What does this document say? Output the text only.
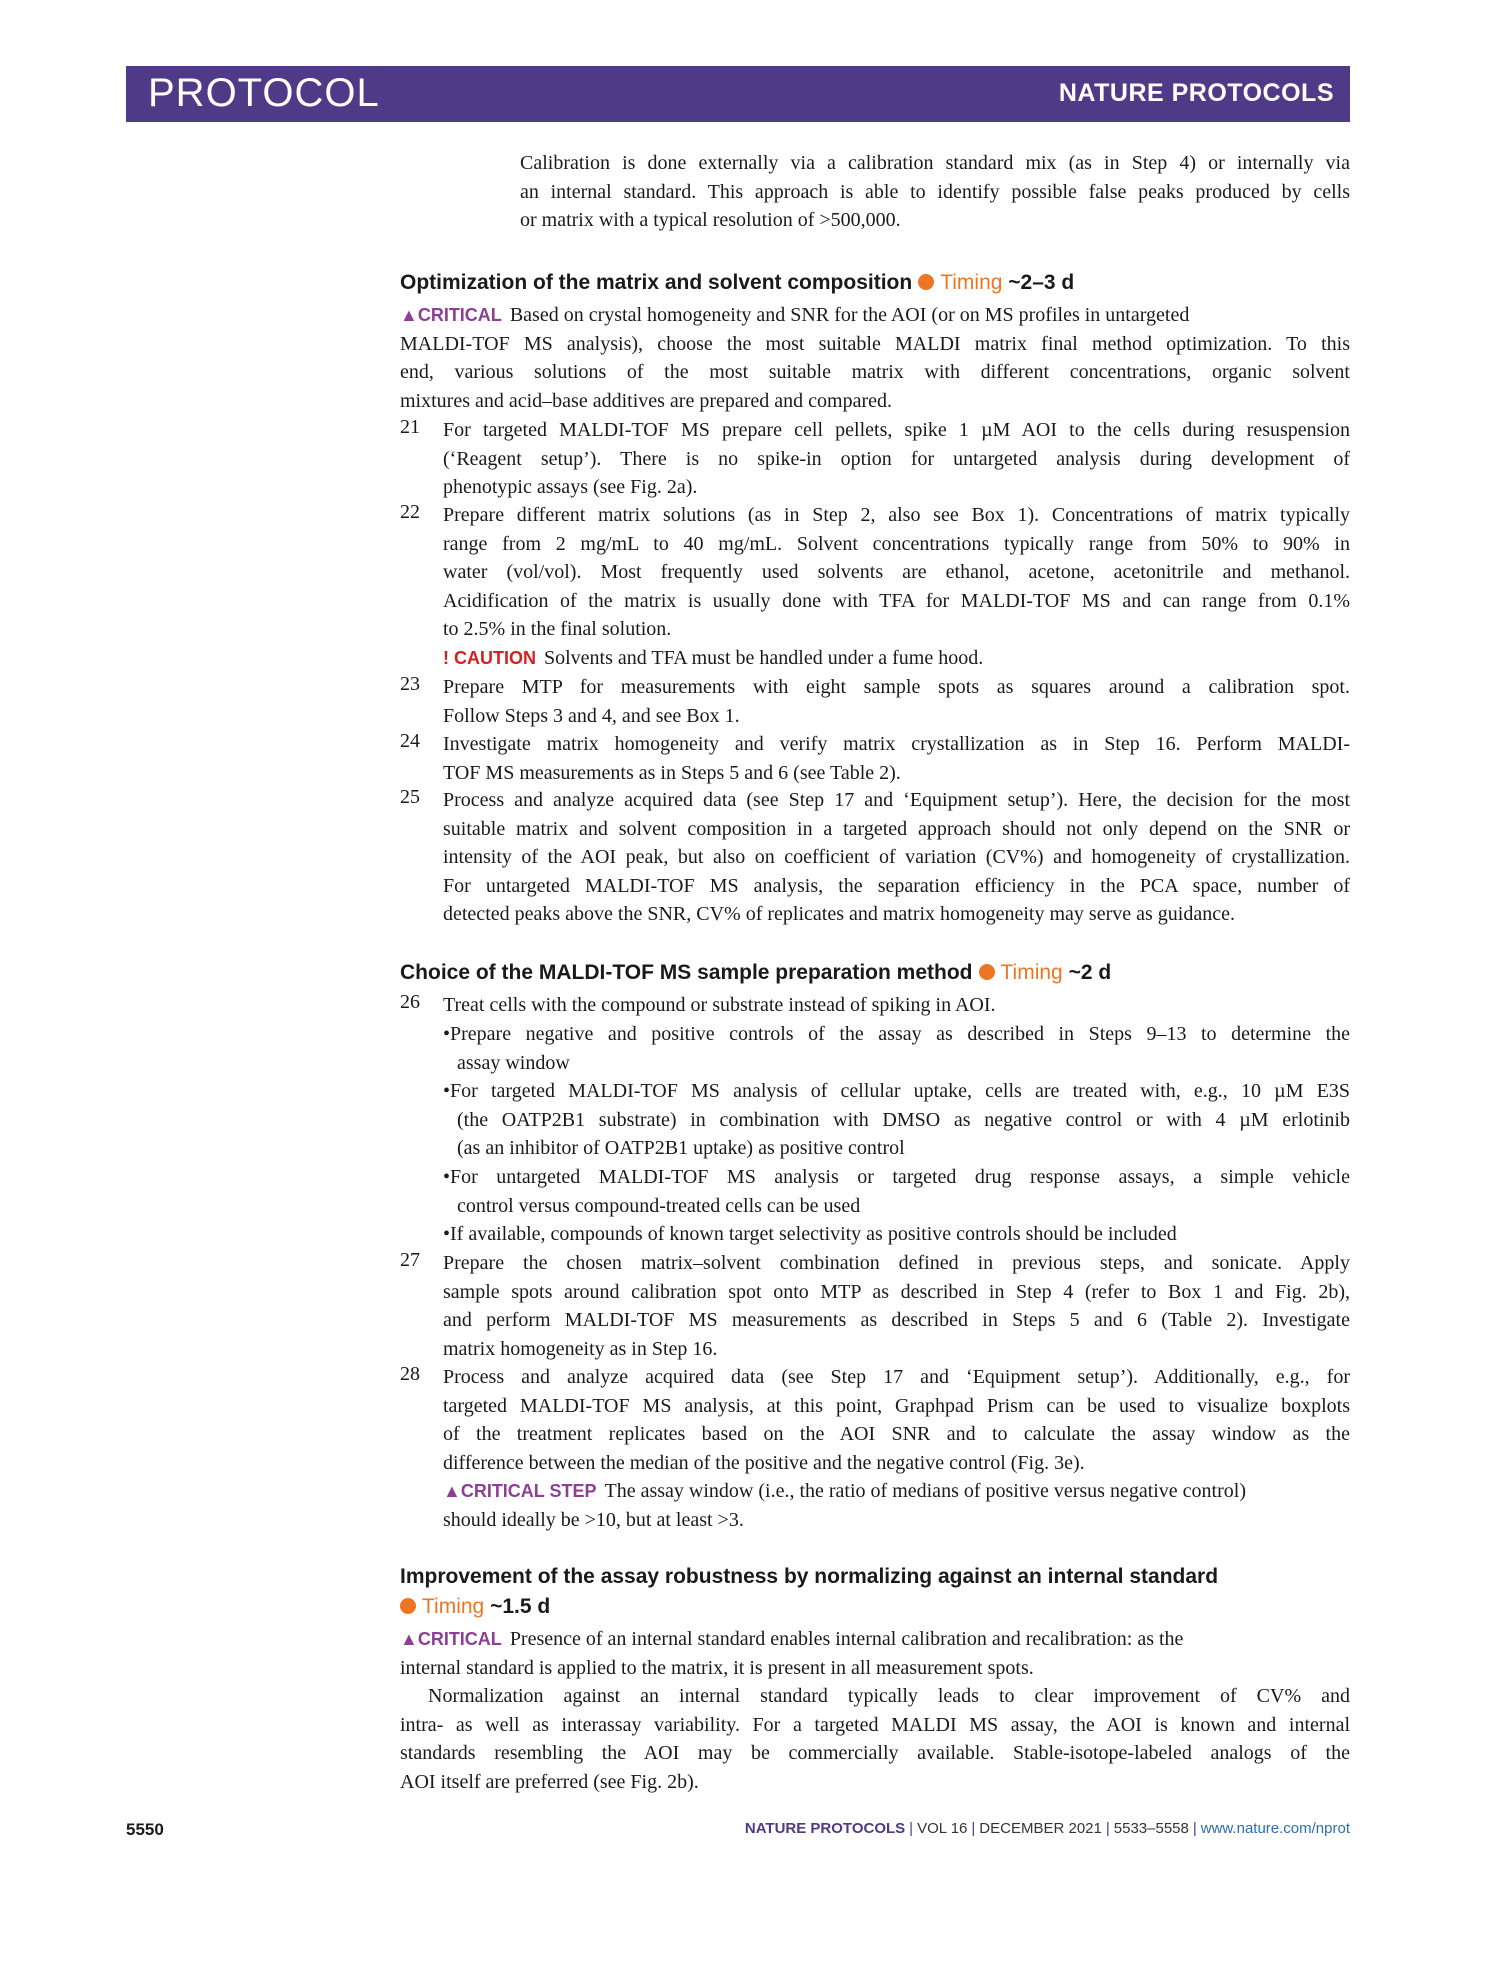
PROTOCOL	NATURE PROTOCOLS
Calibration is done externally via a calibration standard mix (as in Step 4) or internally via
an internal standard. This approach is able to identify possible false peaks produced by cells
or matrix with a typical resolution of >500,000.
Optimization of the matrix and solvent composition Timing ~2–3 d
▲CRITICAL Based on crystal homogeneity and SNR for the AOI (or on MS profiles in untargeted
MALDI-TOF MS analysis), choose the most suitable MALDI matrix final method optimization. To this
end, various solutions of the most suitable matrix with different concentrations, organic solvent
mixtures and acid–base additives are prepared and compared.
21 For targeted MALDI-TOF MS prepare cell pellets, spike 1 µM AOI to the cells during resuspension
(‘Reagent setup’). There is no spike-in option for untargeted analysis during development of
phenotypic assays (see Fig. 2a).
22 Prepare different matrix solutions (as in Step 2, also see Box 1). Concentrations of matrix typically
range from 2 mg/mL to 40 mg/mL. Solvent concentrations typically range from 50% to 90% in
water (vol/vol). Most frequently used solvents are ethanol, acetone, acetonitrile and methanol.
Acidification of the matrix is usually done with TFA for MALDI-TOF MS and can range from 0.1%
to 2.5% in the final solution.
! CAUTION Solvents and TFA must be handled under a fume hood.
23 Prepare MTP for measurements with eight sample spots as squares around a calibration spot.
Follow Steps 3 and 4, and see Box 1.
24 Investigate matrix homogeneity and verify matrix crystallization as in Step 16. Perform MALDI-
TOF MS measurements as in Steps 5 and 6 (see Table 2).
25 Process and analyze acquired data (see Step 17 and ‘Equipment setup’). Here, the decision for the most
suitable matrix and solvent composition in a targeted approach should not only depend on the SNR or
intensity of the AOI peak, but also on coefficient of variation (CV%) and homogeneity of crystallization.
For untargeted MALDI-TOF MS analysis, the separation efficiency in the PCA space, number of
detected peaks above the SNR, CV% of replicates and matrix homogeneity may serve as guidance.
Choice of the MALDI-TOF MS sample preparation method Timing ~2 d
26 Treat cells with the compound or substrate instead of spiking in AOI.
•Prepare negative and positive controls of the assay as described in Steps 9–13 to determine the
assay window
•For targeted MALDI-TOF MS analysis of cellular uptake, cells are treated with, e.g., 10 µM E3S
(the OATP2B1 substrate) in combination with DMSO as negative control or with 4 µM erlotinib
(as an inhibitor of OATP2B1 uptake) as positive control
•For untargeted MALDI-TOF MS analysis or targeted drug response assays, a simple vehicle
control versus compound-treated cells can be used
•If available, compounds of known target selectivity as positive controls should be included
27 Prepare the chosen matrix–solvent combination defined in previous steps, and sonicate. Apply
sample spots around calibration spot onto MTP as described in Step 4 (refer to Box 1 and Fig. 2b),
and perform MALDI-TOF MS measurements as described in Steps 5 and 6 (Table 2). Investigate
matrix homogeneity as in Step 16.
28 Process and analyze acquired data (see Step 17 and ‘Equipment setup’). Additionally, e.g., for
targeted MALDI-TOF MS analysis, at this point, Graphpad Prism can be used to visualize boxplots
of the treatment replicates based on the AOI SNR and to calculate the assay window as the
difference between the median of the positive and the negative control (Fig. 3e).
▲CRITICAL STEP The assay window (i.e., the ratio of medians of positive versus negative control)
should ideally be >10, but at least >3.
Improvement of the assay robustness by normalizing against an internal standard
Timing ~1.5 d
▲CRITICAL Presence of an internal standard enables internal calibration and recalibration: as the
internal standard is applied to the matrix, it is present in all measurement spots.
Normalization against an internal standard typically leads to clear improvement of CV% and
intra- as well as interassay variability. For a targeted MALDI MS assay, the AOI is known and internal
standards resembling the AOI may be commercially available. Stable-isotope-labeled analogs of the
AOI itself are preferred (see Fig. 2b).
5550	NATURE PROTOCOLS | VOL 16 | DECEMBER 2021 | 5533–5558 | www.nature.com/nprot
